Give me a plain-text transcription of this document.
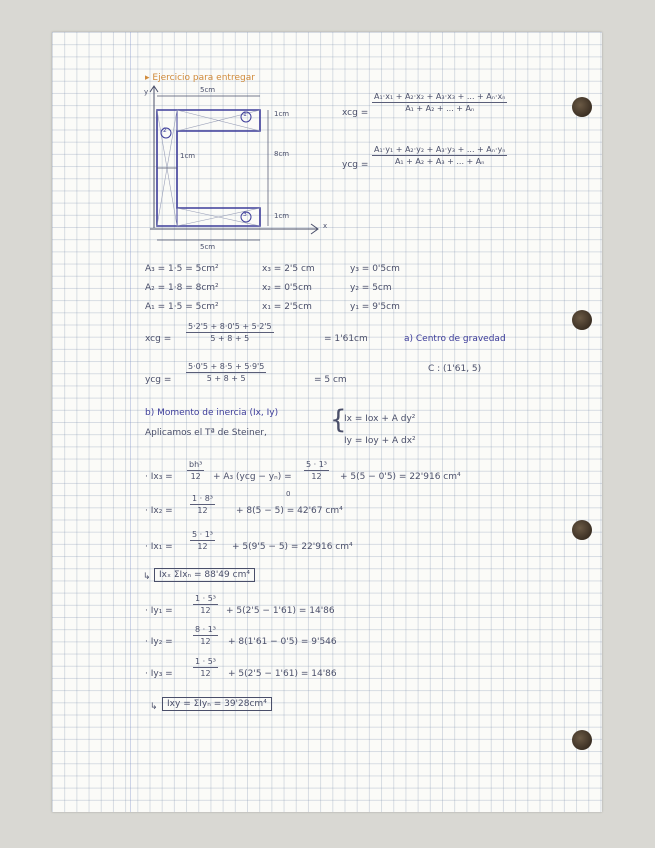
▸ Ejercicio para entregar
y
x
5cm
5cm
1cm
8cm
1cm
1cm
1
2
3
xcg = $\frac{\text{A₁·x₁ + A₂·x₂ + A₃·x₃ + ... + Aₙ·xₙ}}{\text{A₁ + A₂ + ... + Aₙ}}$
ycg = $\frac{\text{A₁·y₁ + A₂·y₂ + A₃·y₃ + ... + Aₙ·yₙ}}{\text{A₁ + A₂ + A₃ + ... + Aₙ}}$
A₃ = 1·5 = 5cm²	x₃ = 2'5 cm	y₃ = 0'5cm
A₂ = 1·8 = 8cm²	x₂ = 0'5cm	y₂ = 5cm
A₁ = 1·5 = 5cm²	x₁ = 2'5cm	y₁ = 9'5cm
xcg = $\frac{5\cdot 2'5 + 8\cdot 0'5 + 5\cdot 2'5}{5 + 8 + 5}$	= 1'61cm	a) Centro de gravedad
ycg = $\frac{5\cdot 0'5 + 8\cdot 5 + 5\cdot 9'5}{5 + 8 + 5}$	= 5 cm
C : (1'61, 5)
b) Momento de inercia (Ix, Iy)
Aplicamos el Tª de Steiner, {
Ix = Iox + A dy²
Iy = Ioy + A dx²
· $Ix_3 = \frac{\text{bh³}}{12} + A_3$ $(ycg - y_n) = \frac{\text{5 · 1³}}{12} + 5(5 - 0'5) = 22'916$ cm⁴
· $Ix_2 = \frac{\text{1 · 8³}}{12} + 8(5 - 5) = 42'67$ cm⁴
0
· $Ix_1 = \frac{\text{5 · 1³}}{12} + 5(9'5 - 5) = 22'916$ cm⁴
↳ Ixₓ ΣIxₙ = 88'49 cm⁴
· Iy₁ =	$\frac{\text{1 · 5³}}{12} + 5(2'5 - 1'61) = 14'86$
· Iy₂ =	$\frac{\text{8 · 1³}}{12} + 8(1'61 - 0'5) = 9'546$
· Iy₃ =	$\frac{\text{1 · 5³}}{12} + 5(2'5 - 1'61) = 14'86$
↳	Ixy = ΣIyₙ = 39'28cm⁴
